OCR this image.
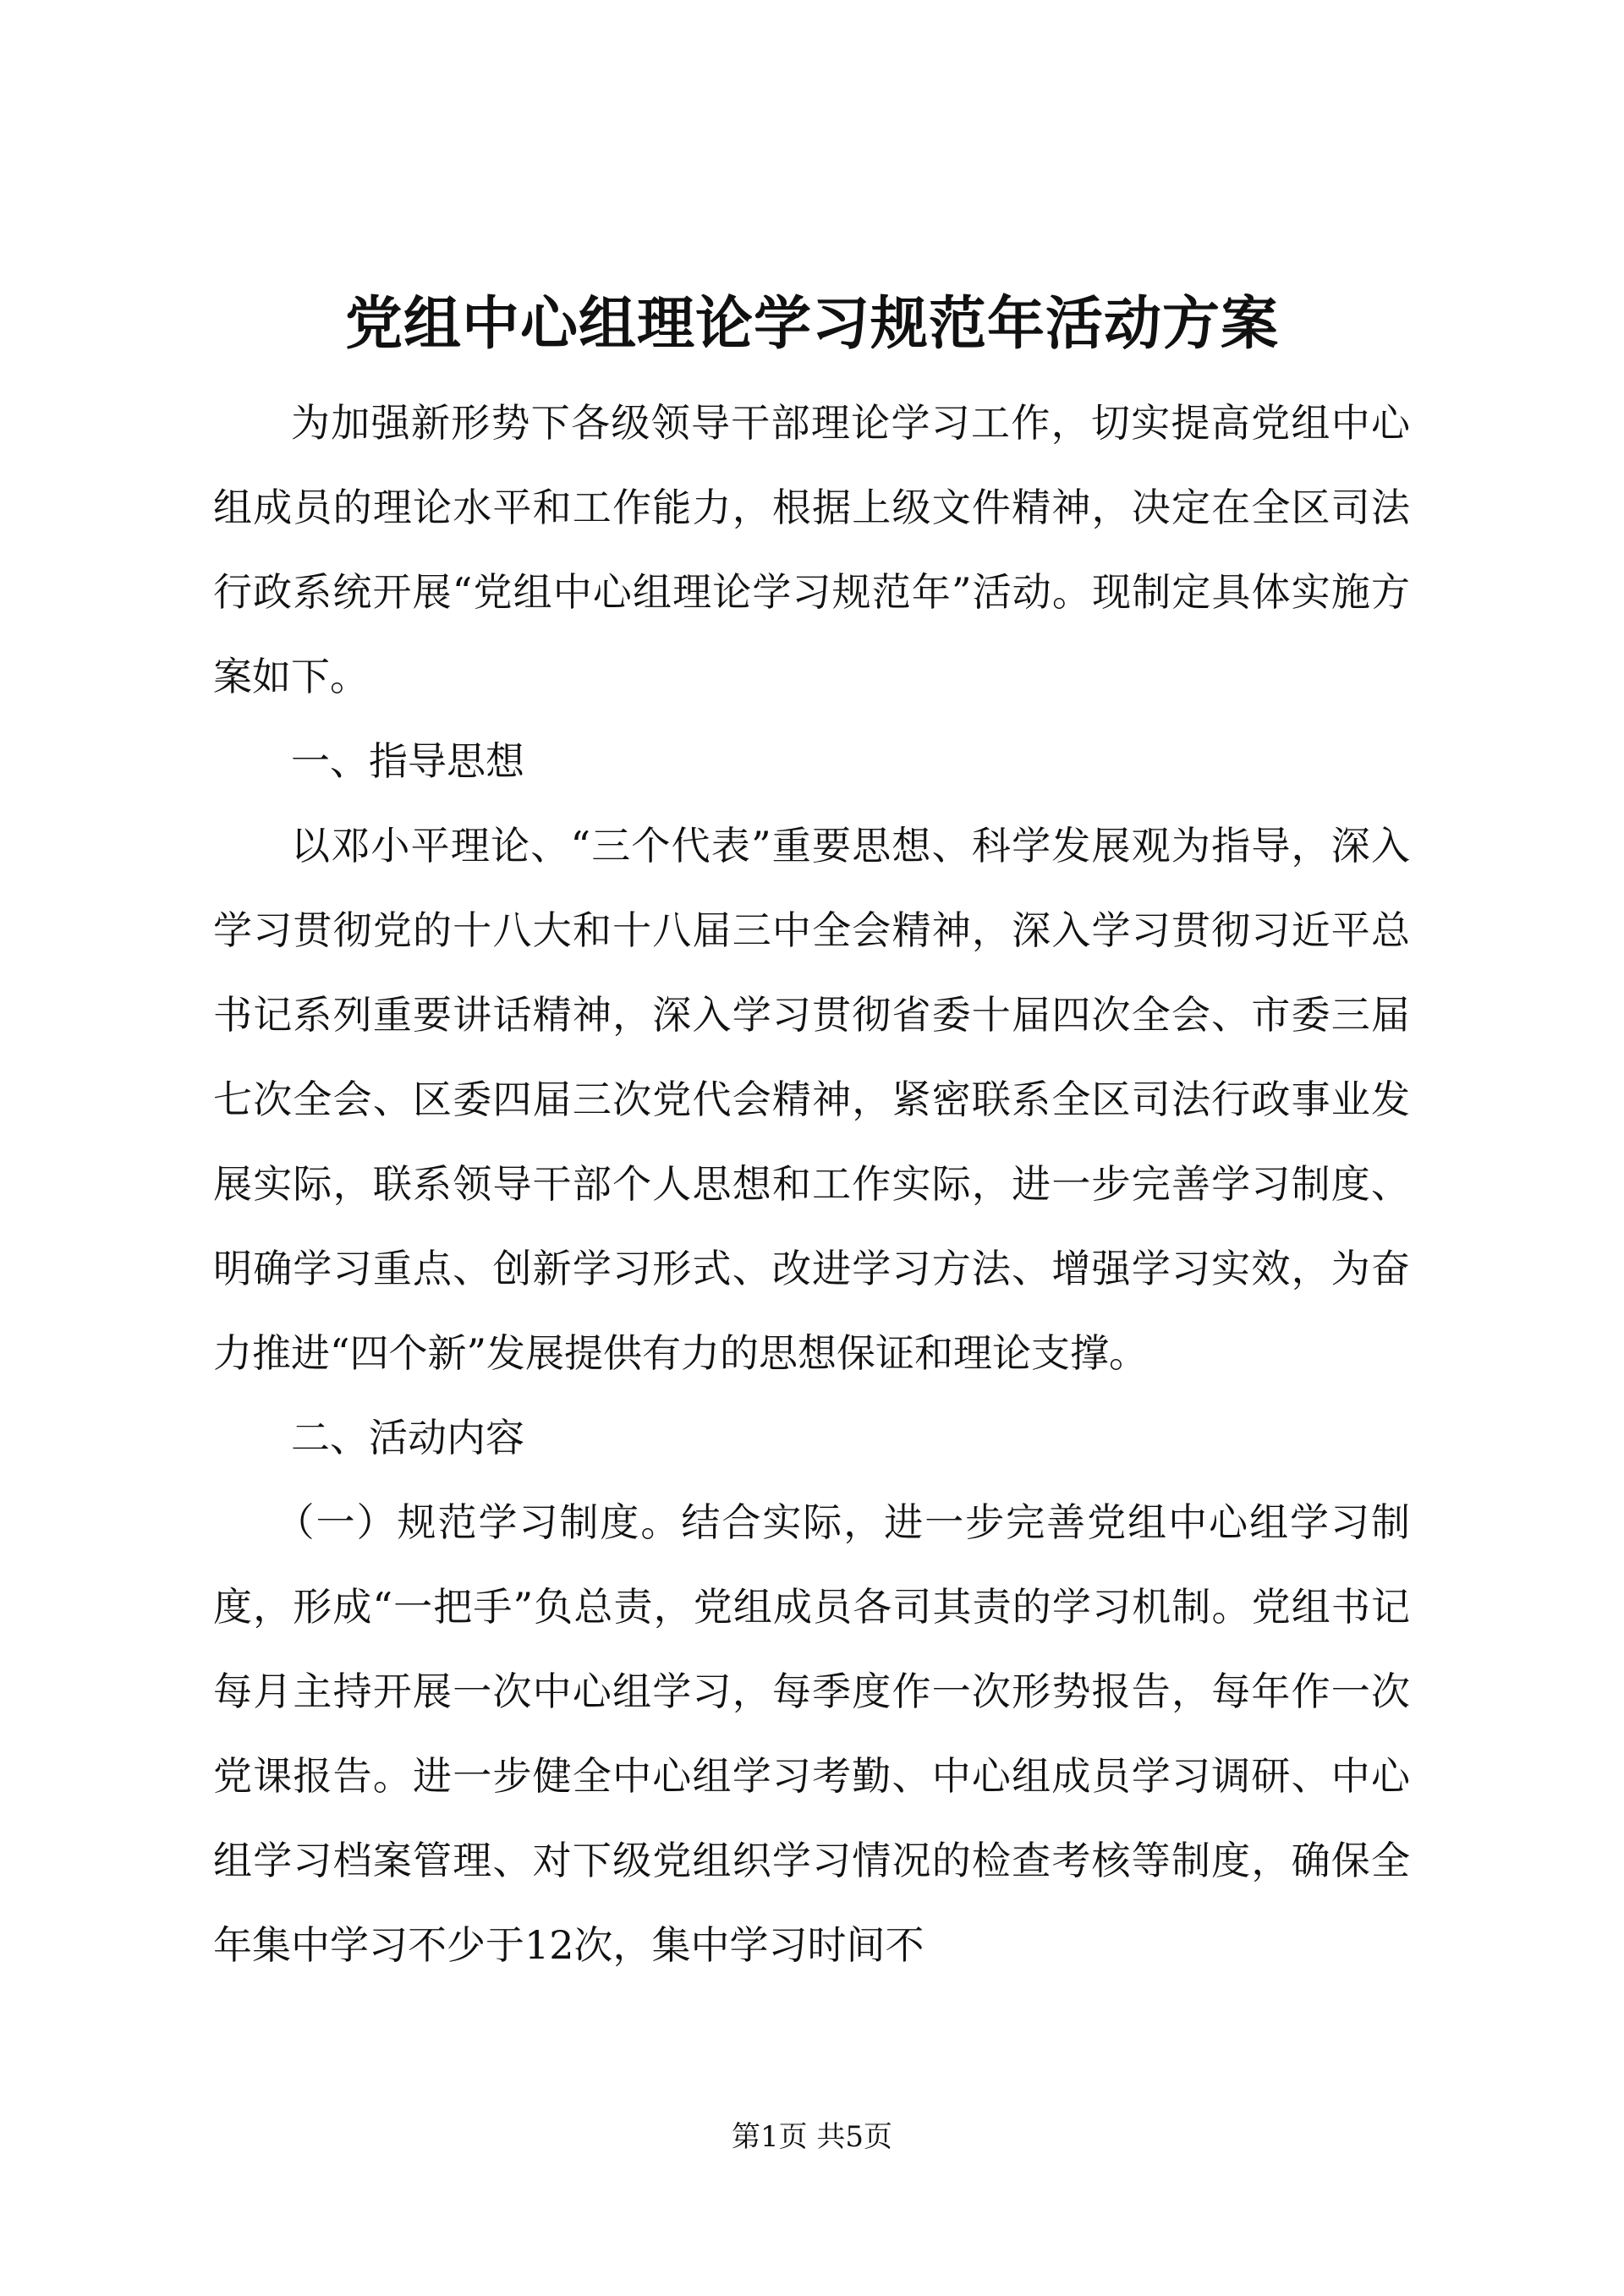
党组中心组理论学习规范年活动方案

为加强新形势下各级领导干部理论学习工作，切实提高党组中心组成员的理论水平和工作能力，根据上级文件精神，决定在全区司法行政系统开展“党组中心组理论学习规范年”活动。现制定具体实施方案如下。

一、指导思想

以邓小平理论、“三个代表”重要思想、科学发展观为指导，深入学习贯彻党的十八大和十八届三中全会精神，深入学习贯彻习近平总书记系列重要讲话精神，深入学习贯彻省委十届四次全会、市委三届七次全会、区委四届三次党代会精神，紧密联系全区司法行政事业发展实际，联系领导干部个人思想和工作实际，进一步完善学习制度、明确学习重点、创新学习形式、改进学习方法、增强学习实效，为奋力推进“四个新”发展提供有力的思想保证和理论支撑。

二、活动内容

（一）规范学习制度。结合实际，进一步完善党组中心组学习制度，形成“一把手”负总责，党组成员各司其责的学习机制。党组书记每月主持开展一次中心组学习，每季度作一次形势报告，每年作一次党课报告。进一步健全中心组学习考勤、中心组成员学习调研、中心组学习档案管理、对下级党组织学习情况的检查考核等制度，确保全年集中学习不少于12次，集中学习时间不

第1页 共5页
